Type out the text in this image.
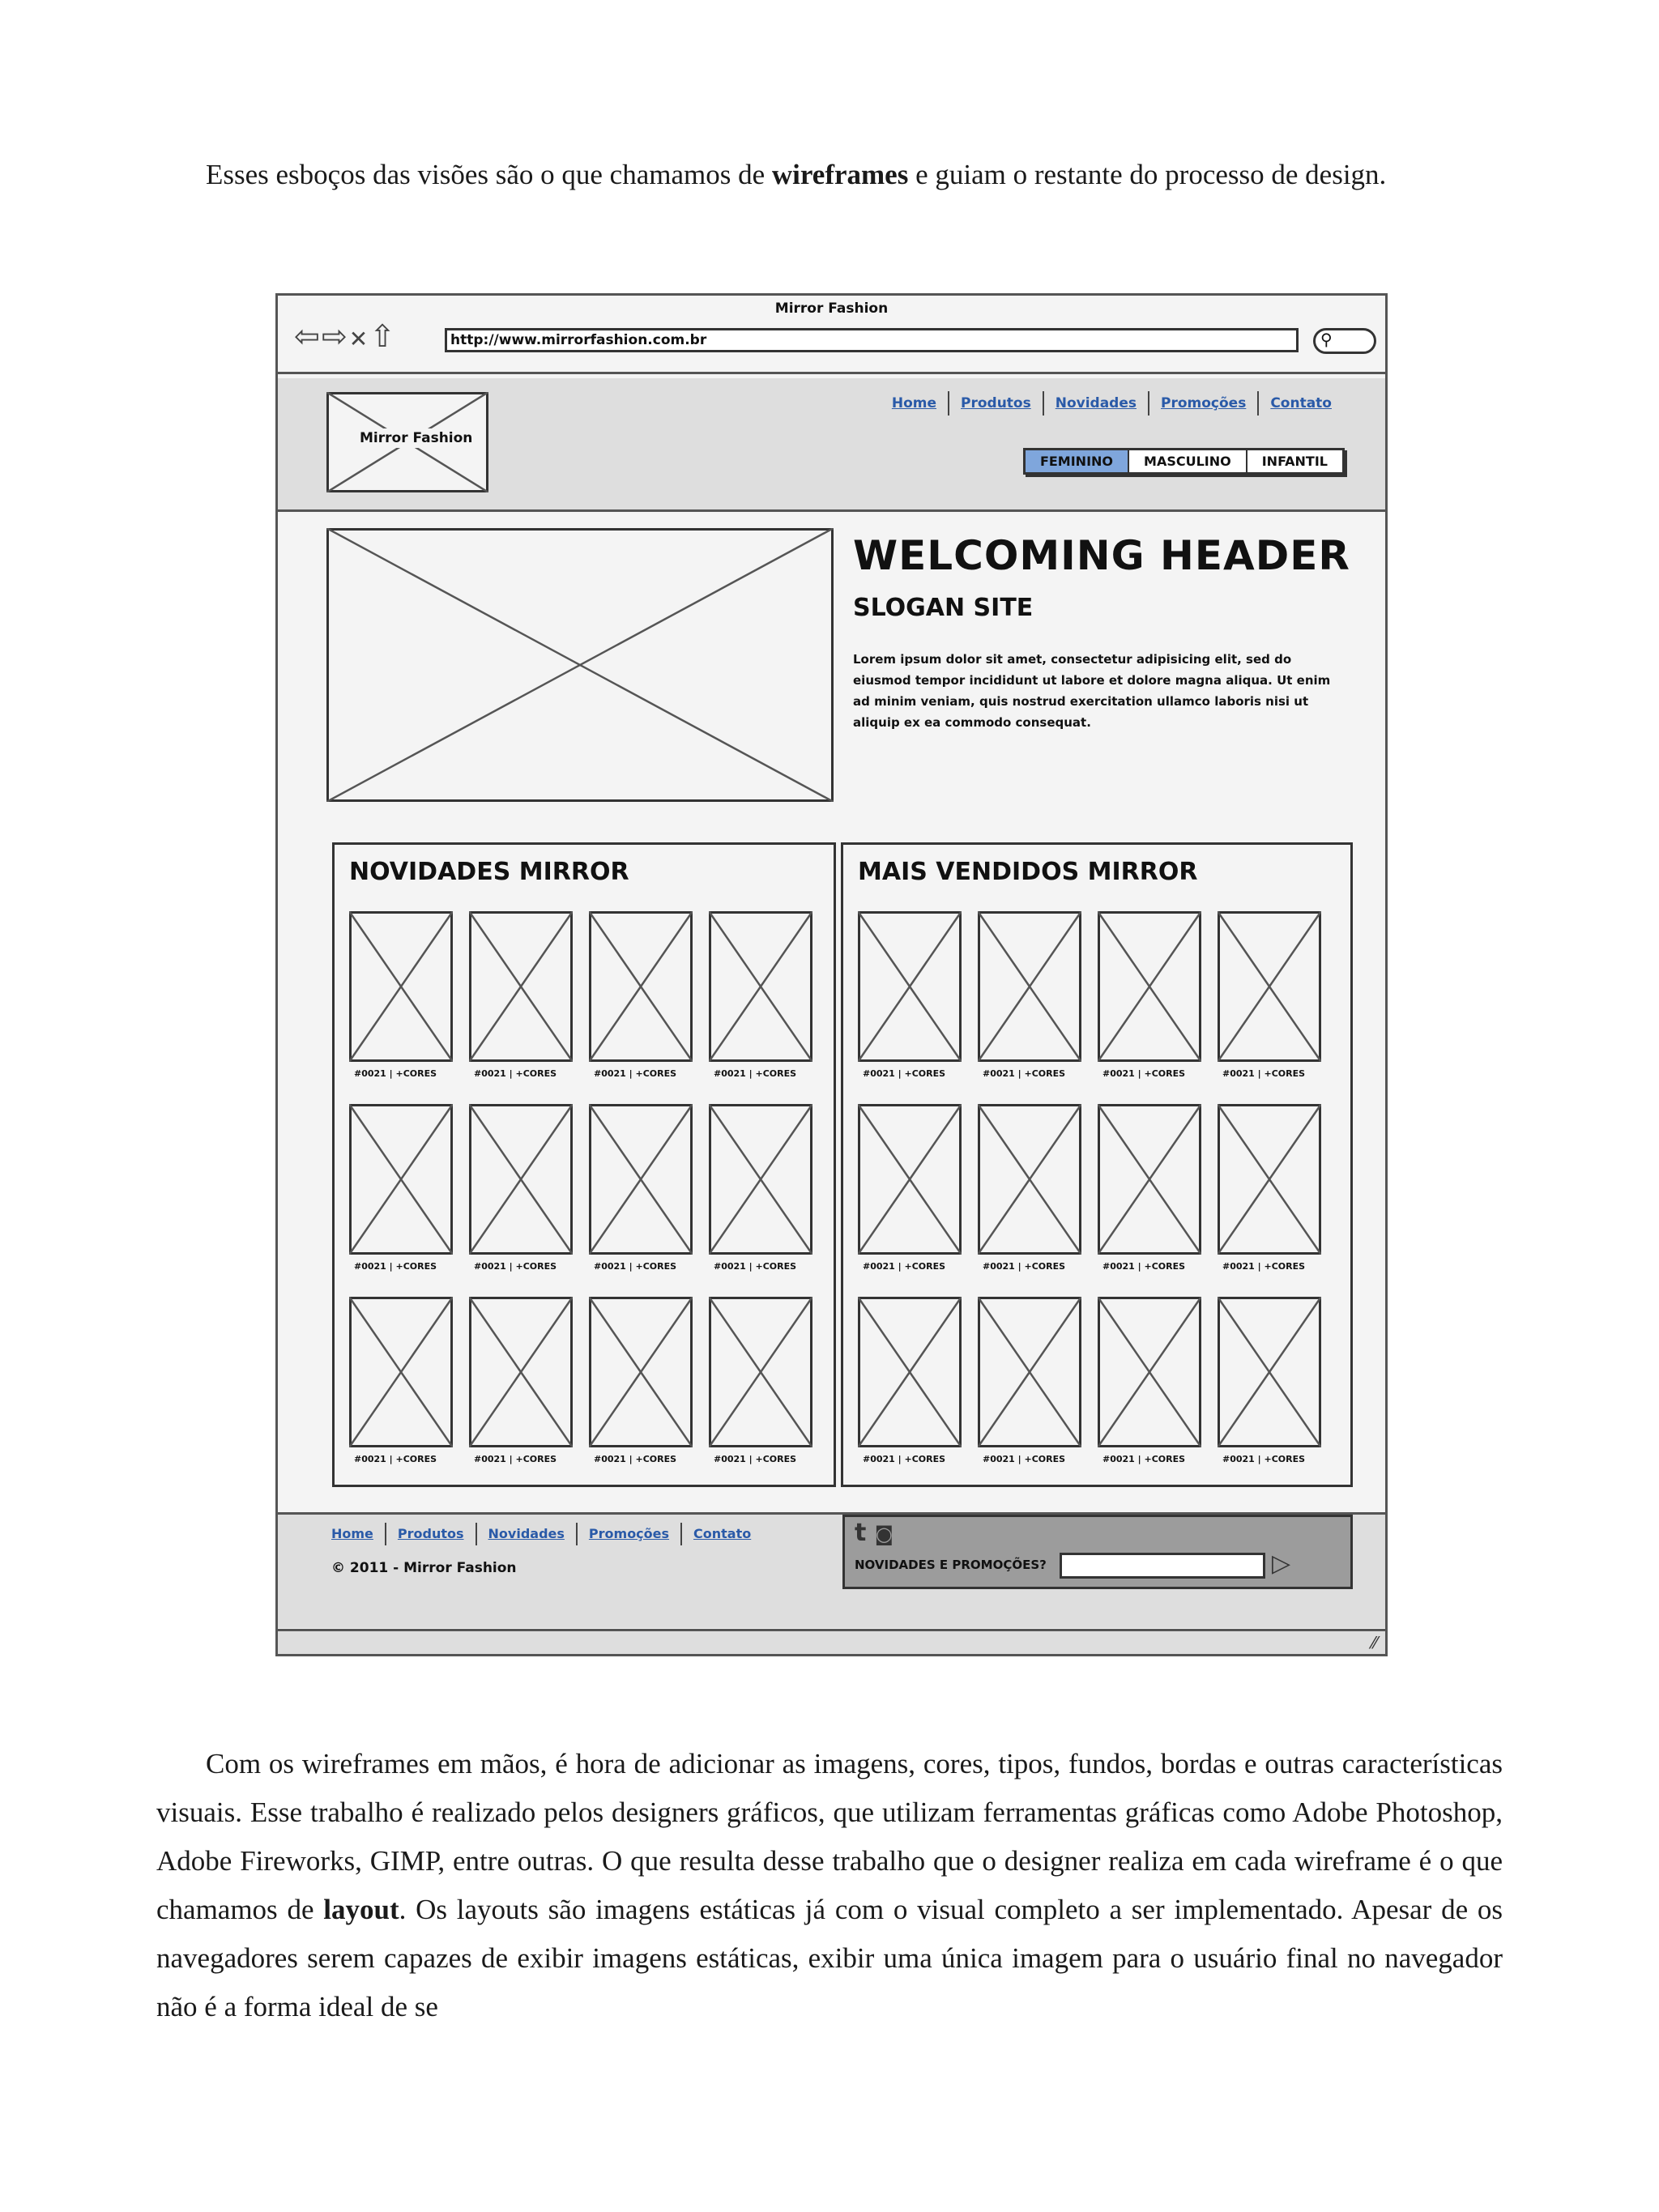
Esses esboços das visões são o que chamamos de wireframes e guiam o restante do processo de design.

Mirror Fashion
⇦⇨✕⇧	http://www.mirrorfashion.com.br	⚲
Mirror Fashion
Home	Produtos	Novidades	Promoções	Contato
FEMININO	MASCULINO	INFANTIL
WELCOMING HEADER
SLOGAN SITE
Lorem ipsum dolor sit amet, consectetur adipisicing elit, sed do eiusmod tempor incididunt ut labore et dolore magna aliqua. Ut enim ad minim veniam, quis nostrud exercitation ullamco laboris nisi ut aliquip ex ea commodo consequat.
NOVIDADES MIRROR
#0021 | +CORES	#0021 | +CORES	#0021 | +CORES	#0021 | +CORES
#0021 | +CORES	#0021 | +CORES	#0021 | +CORES	#0021 | +CORES
#0021 | +CORES	#0021 | +CORES	#0021 | +CORES	#0021 | +CORES
MAIS VENDIDOS MIRROR
#0021 | +CORES	#0021 | +CORES	#0021 | +CORES	#0021 | +CORES
#0021 | +CORES	#0021 | +CORES	#0021 | +CORES	#0021 | +CORES
#0021 | +CORES	#0021 | +CORES	#0021 | +CORES	#0021 | +CORES
Home	Produtos	Novidades	Promoções	Contato
© 2011 - Mirror Fashion
t ◙
NOVIDADES E PROMOÇÕES?	▷
⁄⁄

Com os wireframes em mãos, é hora de adicionar as imagens, cores, tipos, fundos, bordas e outras características visuais. Esse trabalho é realizado pelos designers gráficos, que utilizam ferramentas gráficas como Adobe Photoshop, Adobe Fireworks, GIMP, entre outras. O que resulta desse trabalho que o designer realiza em cada wireframe é o que chamamos de layout. Os layouts são imagens estáticas já com o visual completo a ser implementado. Apesar de os navegadores serem capazes de exibir imagens estáticas, exibir uma única imagem para o usuário final no navegador não é a forma ideal de se
